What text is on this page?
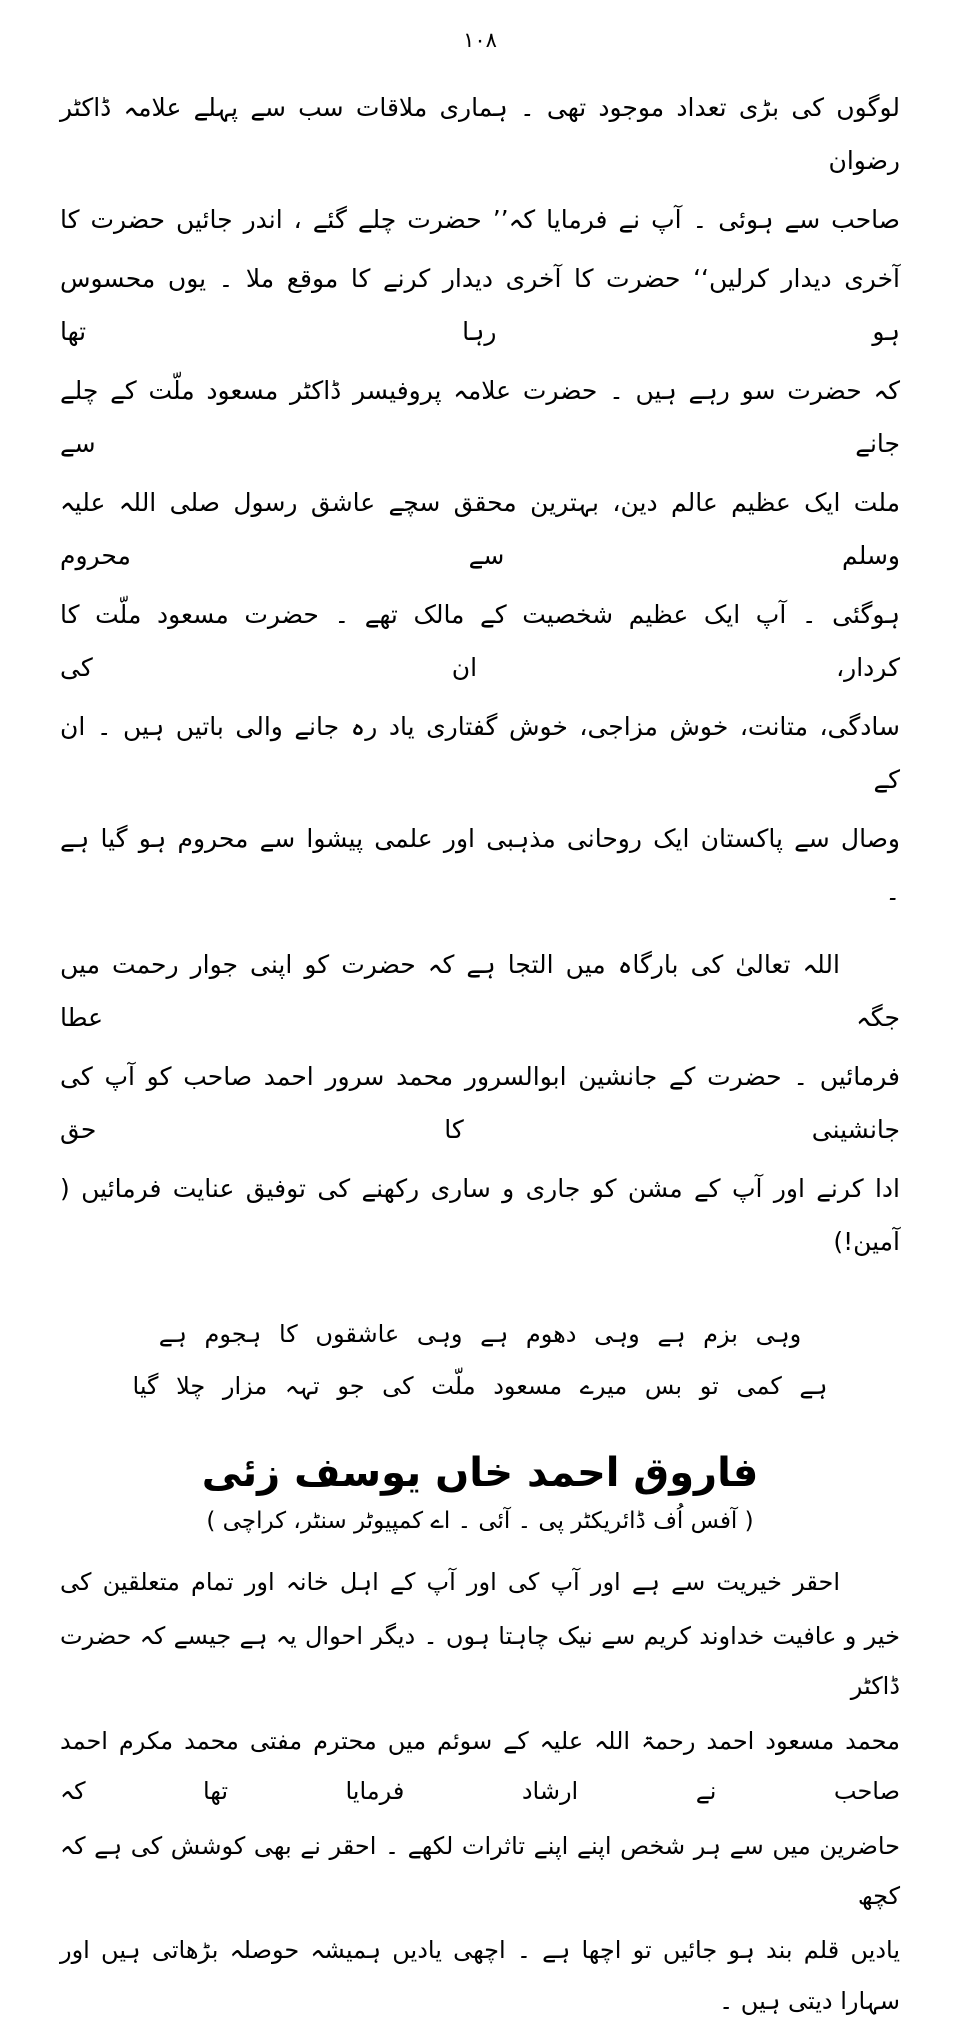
۱۰۸

لوگوں کی بڑی تعداد موجود تھی ۔ ہماری ملاقات سب سے پہلے علامہ ڈاکٹر رضوان

صاحب سے ہوئی ۔ آپ نے فرمایا کہ’’ حضرت چلے گئے ، اندر جائیں حضرت کا

آخری دیدار کرلیں‘‘ حضرت کا آخری دیدار کرنے کا موقع ملا ۔ یوں محسوس ہو رہا تھا

کہ حضرت سو رہے ہیں ۔ حضرت علامہ پروفیسر ڈاکٹر مسعود ملّت کے چلے جانے سے

ملت ایک عظیم عالم دین، بہترین محقق سچے عاشق رسول صلی اللہ علیہ وسلم سے محروم

ہوگئی ۔ آپ ایک عظیم شخصیت کے مالک تھے ۔ حضرت مسعود ملّت کا کردار، ان کی

سادگی، متانت، خوش مزاجی، خوش گفتاری یاد رہ جانے والی باتیں ہیں ۔ ان کے

وصال سے پاکستان ایک روحانی مذہبی اور علمی پیشوا سے محروم ہو گیا ہے ۔

اللہ تعالیٰ کی بارگاہ میں التجا ہے کہ حضرت کو اپنی جوار رحمت میں جگہ عطا

فرمائیں ۔ حضرت کے جانشین ابوالسرور محمد سرور احمد صاحب کو آپ کی جانشینی کا حق

ادا کرنے اور آپ کے مشن کو جاری و ساری رکھنے کی توفیق عنایت فرمائیں ( آمین!)

وہی بزم ہے وہی دھوم ہے وہی عاشقوں کا ہجوم ہے
ہے کمی تو بس میرے مسعود ملّت کی جو تہہ مزار چلا گیا
فاروق احمد خاں یوسف زئی
( آفس اُف ڈائریکٹر پی ۔ آئی ۔ اے کمپیوٹر سنٹر، کراچی )

احقر خیریت سے ہے اور آپ کی اور آپ کے اہل خانہ اور تمام متعلقین کی

خیر و عافیت خداوند کریم سے نیک چاہتا ہوں ۔ دیگر احوال یہ ہے جیسے کہ حضرت ڈاکٹر

محمد مسعود احمد رحمۃ اللہ علیہ کے سوئم میں محترم مفتی محمد مکرم احمد صاحب نے ارشاد فرمایا تھا کہ

حاضرین میں سے ہر شخص اپنے اپنے تاثرات لکھے ۔ احقر نے بھی کوشش کی ہے کہ کچھ

یادیں قلم بند ہو جائیں تو اچھا ہے ۔ اچھی یادیں ہمیشہ حوصلہ بڑھاتی ہیں اور سہارا دیتی ہیں ۔
